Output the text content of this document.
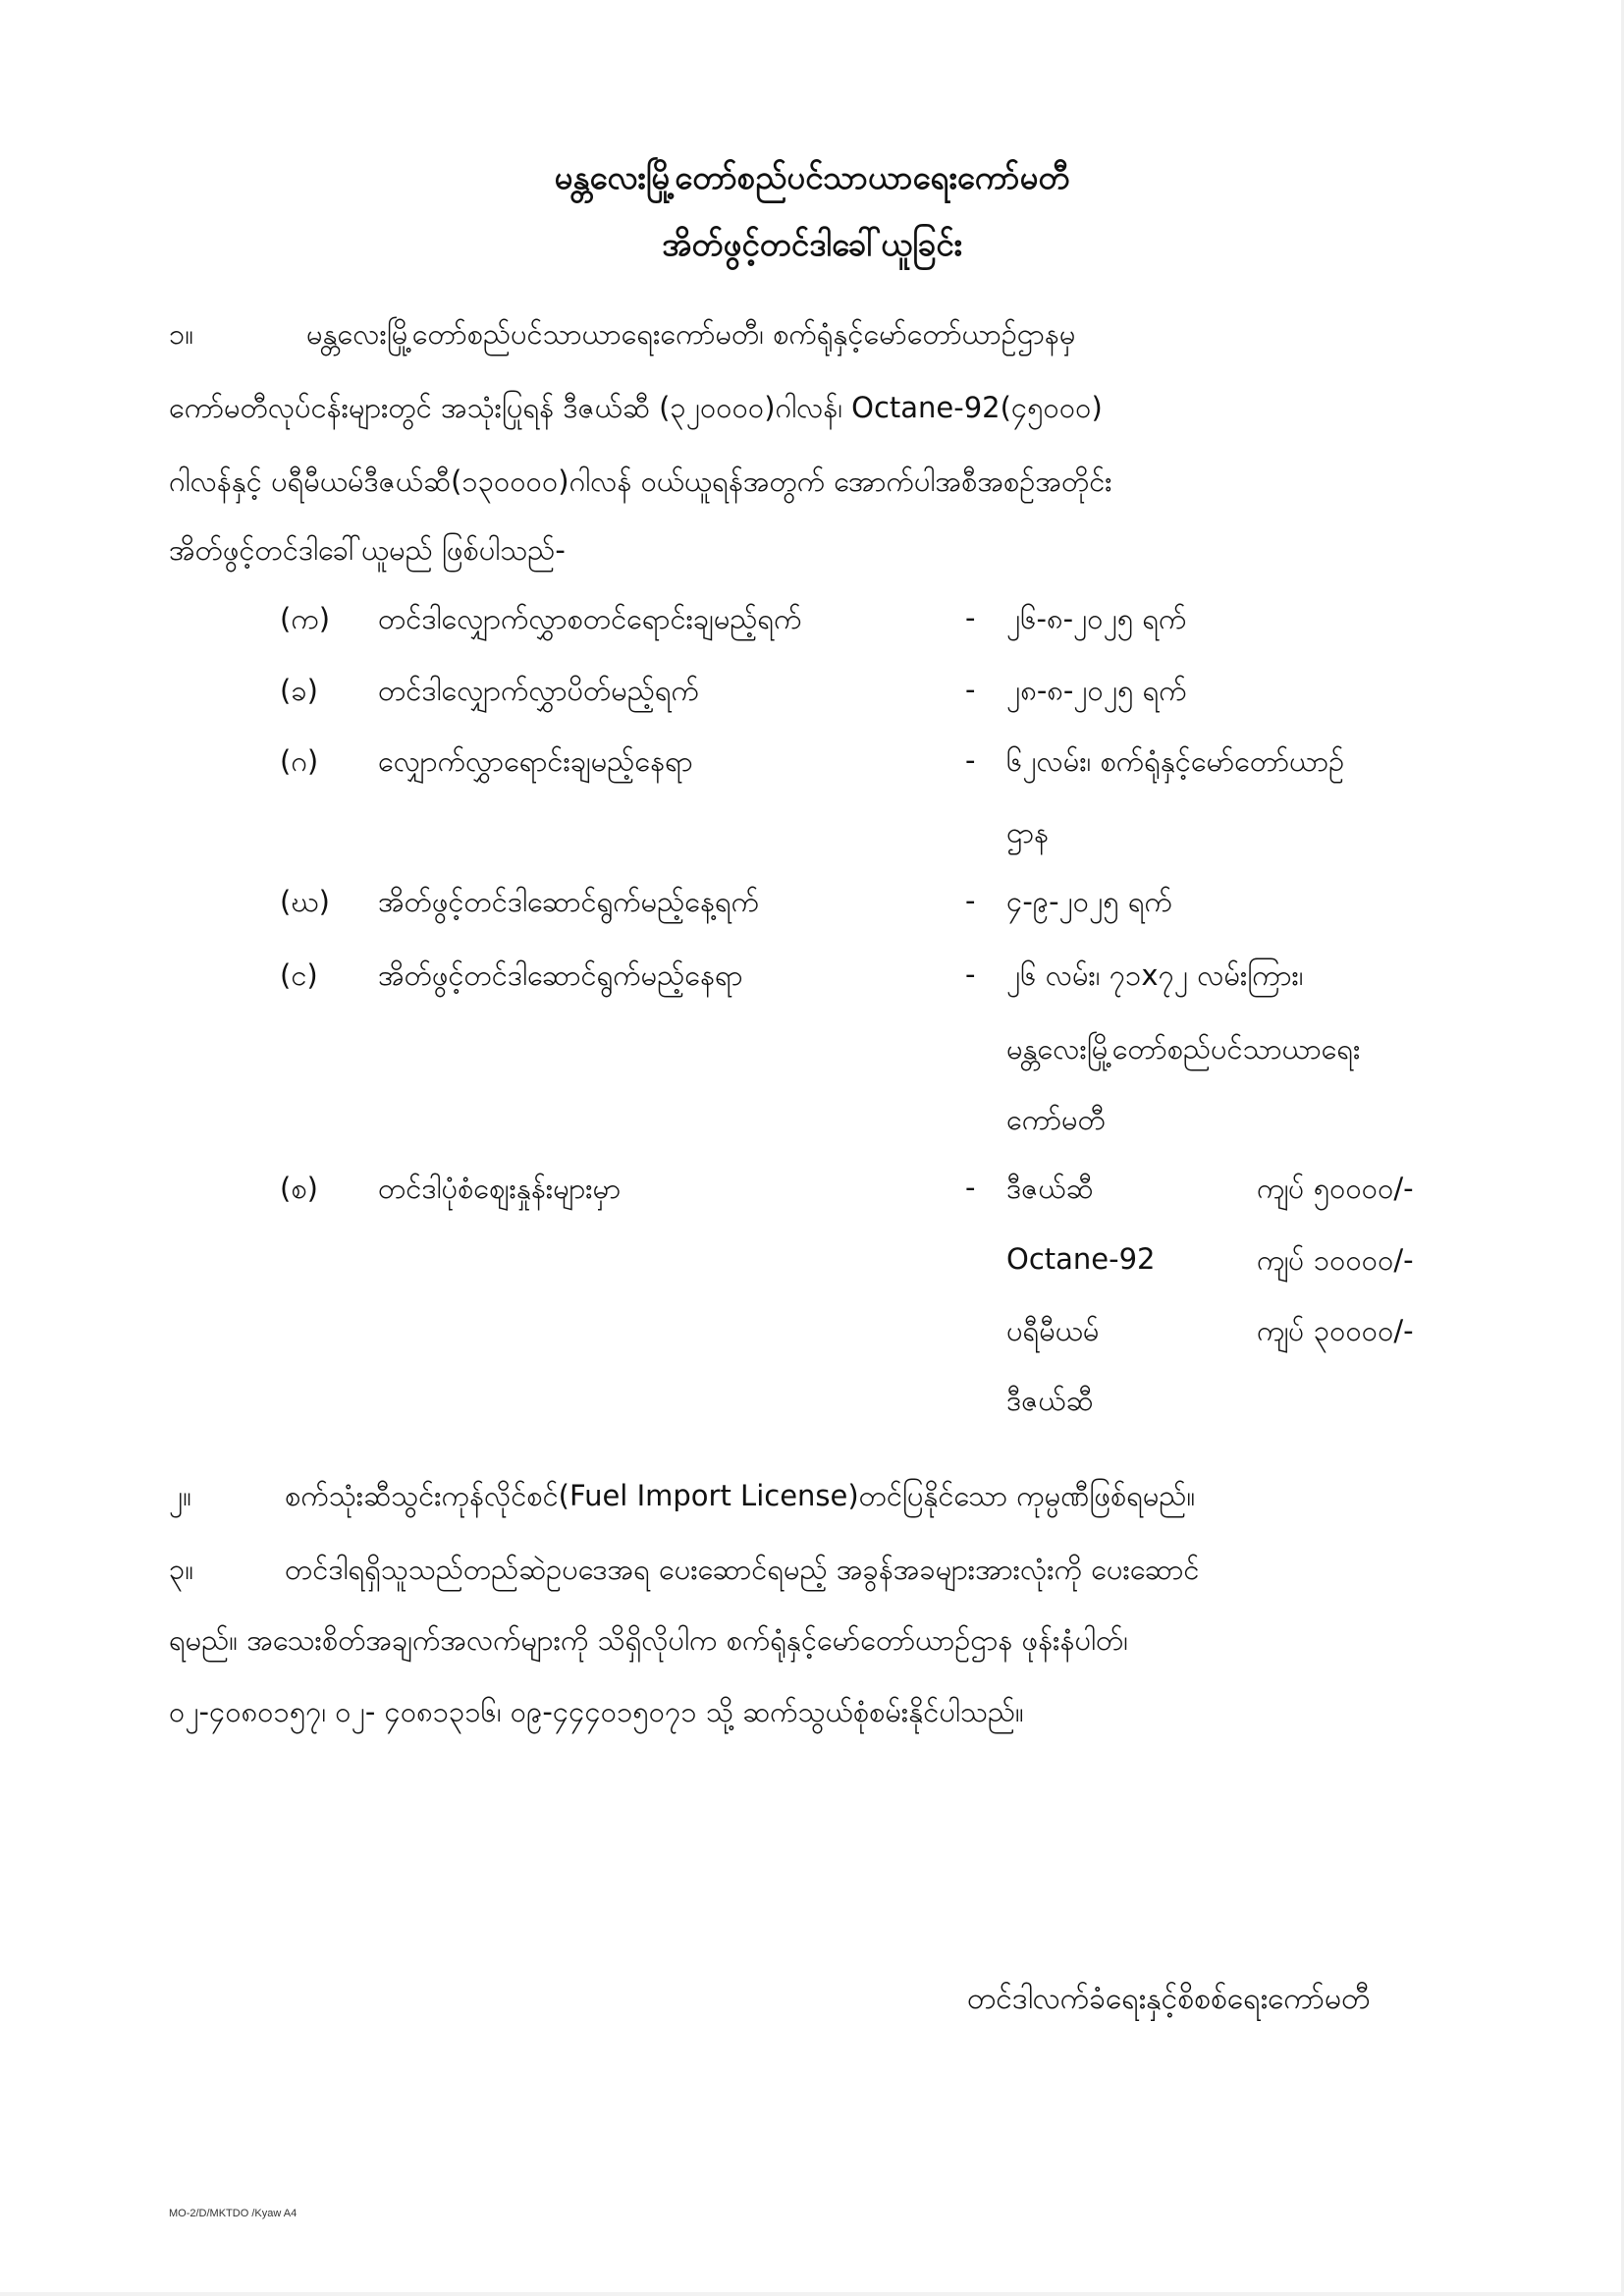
မန္တလေးမြို့တော်စည်ပင်သာယာရေးကော်မတီ
အိတ်ဖွင့်တင်ဒါခေါ်ယူခြင်း
၁။	မန္တလေးမြို့တော်စည်ပင်သာယာရေးကော်မတီ၊ စက်ရုံနှင့်မော်တော်ယာဉ်ဌာနမှ
ကော်မတီလုပ်ငန်းများတွင် အသုံးပြုရန် ဒီဇယ်ဆီ (၃၂၀၀၀၀)ဂါလန်၊ Octane-92(၄၅၀၀၀)
ဂါလန်နှင့် ပရီမီယမ်ဒီဇယ်ဆီ(၁၃၀၀၀၀)ဂါလန် ဝယ်ယူရန်အတွက် အောက်ပါအစီအစဉ်အတိုင်း
အိတ်ဖွင့်တင်ဒါခေါ်ယူမည် ဖြစ်ပါသည်-
(က) တင်ဒါလျှောက်လွှာစတင်ရောင်းချမည့်ရက်	- ၂၆-၈-၂၀၂၅ ရက်
(ခ) တင်ဒါလျှောက်လွှာပိတ်မည့်ရက်	- ၂၈-၈-၂၀၂၅ ရက်
(ဂ) လျှောက်လွှာရောင်းချမည့်နေရာ	- ၆၂လမ်း၊ စက်ရုံနှင့်မော်တော်ယာဉ်
ဌာန
(ဃ) အိတ်ဖွင့်တင်ဒါဆောင်ရွက်မည့်နေ့ရက်	- ၄-၉-၂၀၂၅ ရက်
(င) အိတ်ဖွင့်တင်ဒါဆောင်ရွက်မည့်နေရာ	- ၂၆ လမ်း၊ ၇၁x၇၂ လမ်းကြား၊
မန္တလေးမြို့တော်စည်ပင်သာယာရေး
ကော်မတီ
(စ) တင်ဒါပုံစံဈေးနှုန်းများမှာ	- ဒီဇယ်ဆီ	ကျပ် ၅၀၀၀၀/-
Octane-92	ကျပ် ၁၀၀၀၀/-
ပရီမီယမ်	ကျပ် ၃၀၀၀၀/-
ဒီဇယ်ဆီ
၂။	စက်သုံးဆီသွင်းကုန်လိုင်စင်(Fuel Import License)တင်ပြနိုင်သော ကုမ္ပဏီဖြစ်ရမည်။
၃။	တင်ဒါရရှိသူသည်တည်ဆဲဥပဒေအရ ပေးဆောင်ရမည့် အခွန်အခများအားလုံးကို ပေးဆောင်
ရမည်။ အသေးစိတ်အချက်အလက်များကို သိရှိလိုပါက စက်ရုံနှင့်မော်တော်ယာဉ်ဌာန ဖုန်းနံပါတ်၊
၀၂-၄၀၈၀၁၅၇၊ ၀၂- ၄၀၈၁၃၁၆၊ ၀၉-၄၄၄၀၁၅၀၇၁ သို့ ဆက်သွယ်စုံစမ်းနိုင်ပါသည်။
တင်ဒါလက်ခံရေးနှင့်စိစစ်ရေးကော်မတီ
MO-2/D/MKTDO /Kyaw A4
